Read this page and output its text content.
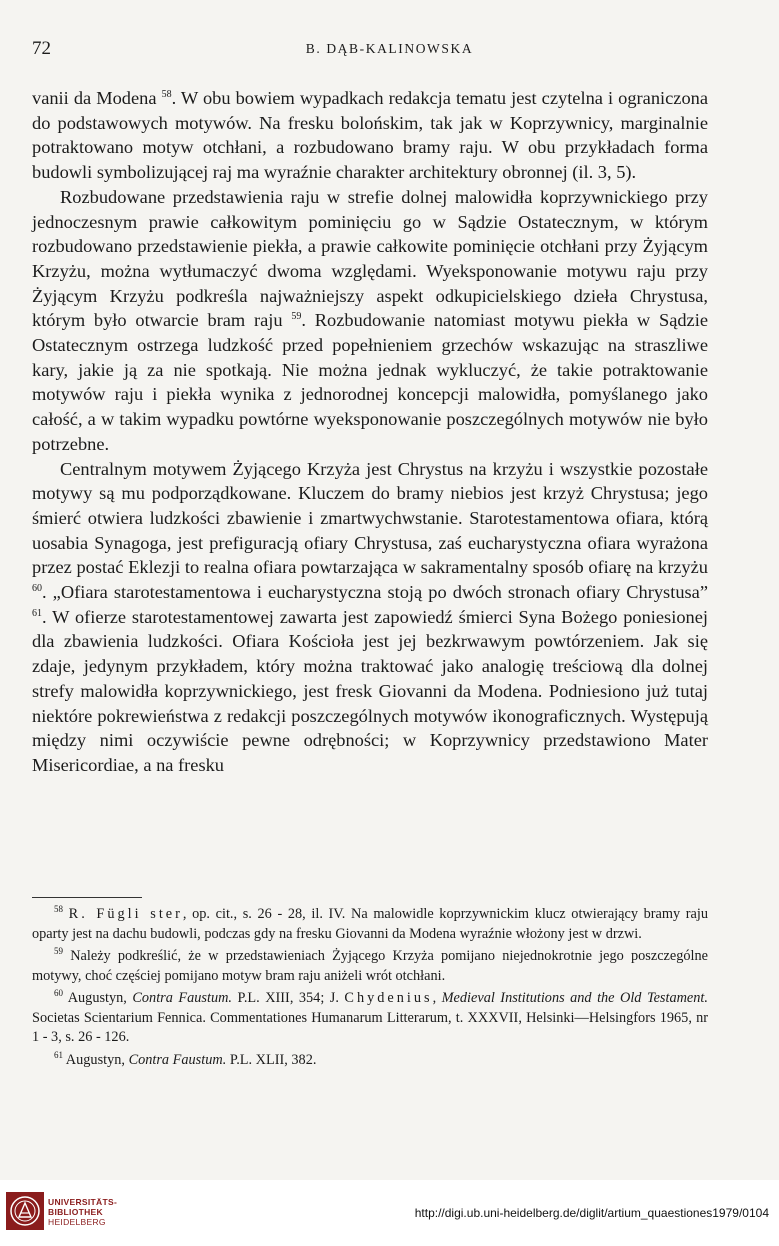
72	B. DĄB-KALINOWSKA

vanii da Modena $^{58}$. W obu bowiem wypadkach redakcja tematu jest czytelna i ograniczona do podstawowych motywów. Na fresku bolońskim, tak jak w Koprzywnicy, marginalnie potraktowano motyw otchłani, a rozbudowano bramy raju. W obu przykładach forma budowli symbolizującej raj ma wyraźnie charakter architektury obronnej (il. 3, 5).

Rozbudowane przedstawienia raju w strefie dolnej malowidła koprzywnickiego przy jednoczesnym prawie całkowitym pominięciu go w Sądzie Ostatecznym, w którym rozbudowano przedstawienie piekła, a prawie całkowite pominięcie otchłani przy Żyjącym Krzyżu, można wytłumaczyć dwoma względami. Wyeksponowanie motywu raju przy Żyjącym Krzyżu podkreśla najważniejszy aspekt odkupicielskiego dzieła Chrystusa, którym było otwarcie bram raju $^{59}$. Rozbudowanie natomiast motywu piekła w Sądzie Ostatecznym ostrzega ludzkość przed popełnieniem grzechów wskazując na straszliwe kary, jakie ją za nie spotkają. Nie można jednak wykluczyć, że takie potraktowanie motywów raju i piekła wynika z jednorodnej koncepcji malowidła, pomyślanego jako całość, a w takim wypadku powtórne wyeksponowanie poszczególnych motywów nie było potrzebne.

Centralnym motywem Żyjącego Krzyża jest Chrystus na krzyżu i wszystkie pozostałe motywy są mu podporządkowane. Kluczem do bramy niebios jest krzyż Chrystusa; jego śmierć otwiera ludzkości zbawienie i zmartwychwstanie. Starotestamentowa ofiara, którą uosabia Synagoga, jest prefiguracją ofiary Chrystusa, zaś eucharystyczna ofiara wyrażona przez postać Eklezji to realna ofiara powtarzająca w sakramentalny sposób ofiarę na krzyżu $^{60}$. „Ofiara starotestamentowa i eucharystyczna stoją po dwóch stronach ofiary Chrystusa” $^{61}$. W ofierze starotestamentowej zawarta jest zapowiedź śmierci Syna Bożego poniesionej dla zbawienia ludzkości. Ofiara Kościoła jest jej bezkrwawym powtórzeniem. Jak się zdaje, jedynym przykładem, który można traktować jako analogię treściową dla dolnej strefy malowidła koprzywnickiego, jest fresk Giovanni da Modena. Podniesiono już tutaj niektóre pokrewieństwa z redakcji poszczególnych motywów ikonograficznych. Występują między nimi oczywiście pewne odrębności; w Koprzywnicy przedstawiono Mater Misericordiae, a na fresku

$^{58}$ R. Fügli ster, op. cit., s. 26 - 28, il. IV. Na malowidle koprzywnickim klucz otwierający bramy raju oparty jest na dachu budowli, podczas gdy na fresku Giovanni da Modena wyraźnie włożony jest w drzwi.

$^{59}$ Należy podkreślić, że w przedstawieniach Żyjącego Krzyża pomijano niejednokrotnie jego poszczególne motywy, choć częściej pomijano motyw bram raju aniżeli wrót otchłani.

$^{60}$ Augustyn, Contra Faustum. P.L. XIII, 354; J. Chydenius, Medieval Institutions and the Old Testament. Societas Scientarium Fennica. Commentationes Humanarum Litterarum, t. XXXVII, Helsinki—Helsingfors 1965, nr 1 - 3, s. 26 - 126.

$^{61}$ Augustyn, Contra Faustum. P.L. XLII, 382.

UNIVERSITÄTS-
BIBLIOTHEK
HEIDELBERG
http://digi.ub.uni-heidelberg.de/diglit/artium_quaestiones1979/0104
